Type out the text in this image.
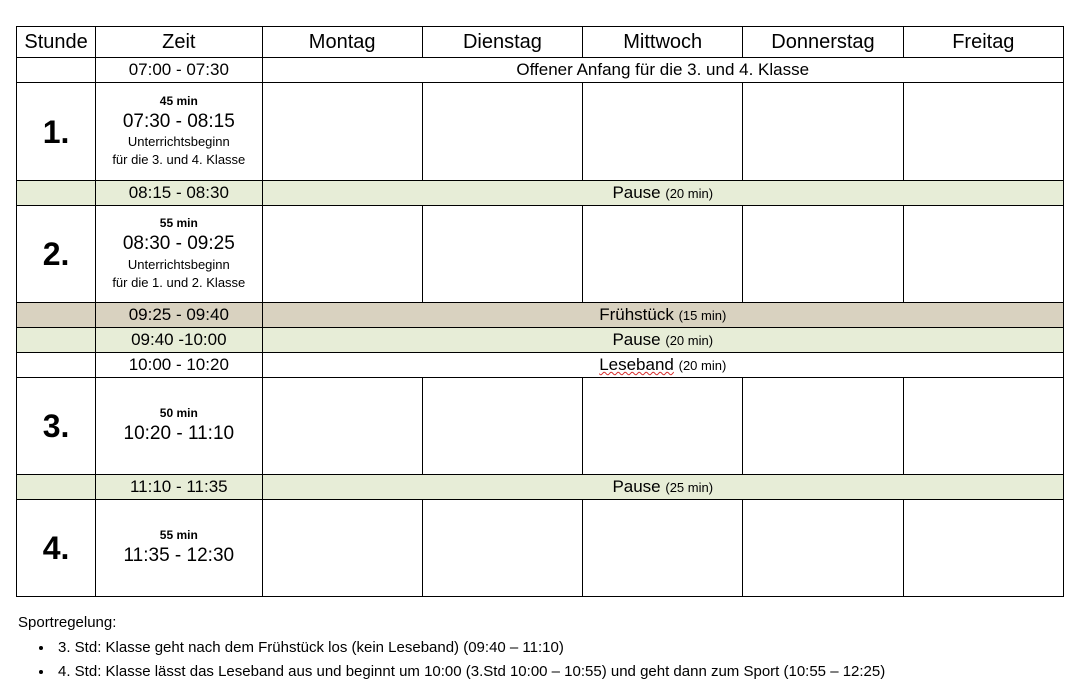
Stunde	Zeit	Montag	Dienstag	Mittwoch	Donnerstag	Freitag
	07:00 - 07:30	Offener Anfang für die 3. und 4. Klasse				

1.	45 min
07:30 - 08:15
Unterrichtsbeginn
für die 3. und 4. Klasse					

	08:15 - 08:30	Pause (20 min)				

2.	55 min
08:30 - 09:25
Unterrichtsbeginn
für die 1. und 2. Klasse					

	09:25 - 09:40	Frühstück (15 min)				
	09:40 -10:00	Pause (20 min)				
	10:00 - 10:20	Leseband (20 min)				

3.	50 min
10:20 - 11:10					

	11:10 - 11:35	Pause (25 min)				

4.	55 min
11:35 - 12:30					

Sportregelung:
• 3. Std: Klasse geht nach dem Frühstück los (kein Leseband) (09:40 – 11:10)
• 4. Std: Klasse lässt das Leseband aus und beginnt um 10:00 (3.Std 10:00 – 10:55) und geht dann zum Sport (10:55 – 12:25)
